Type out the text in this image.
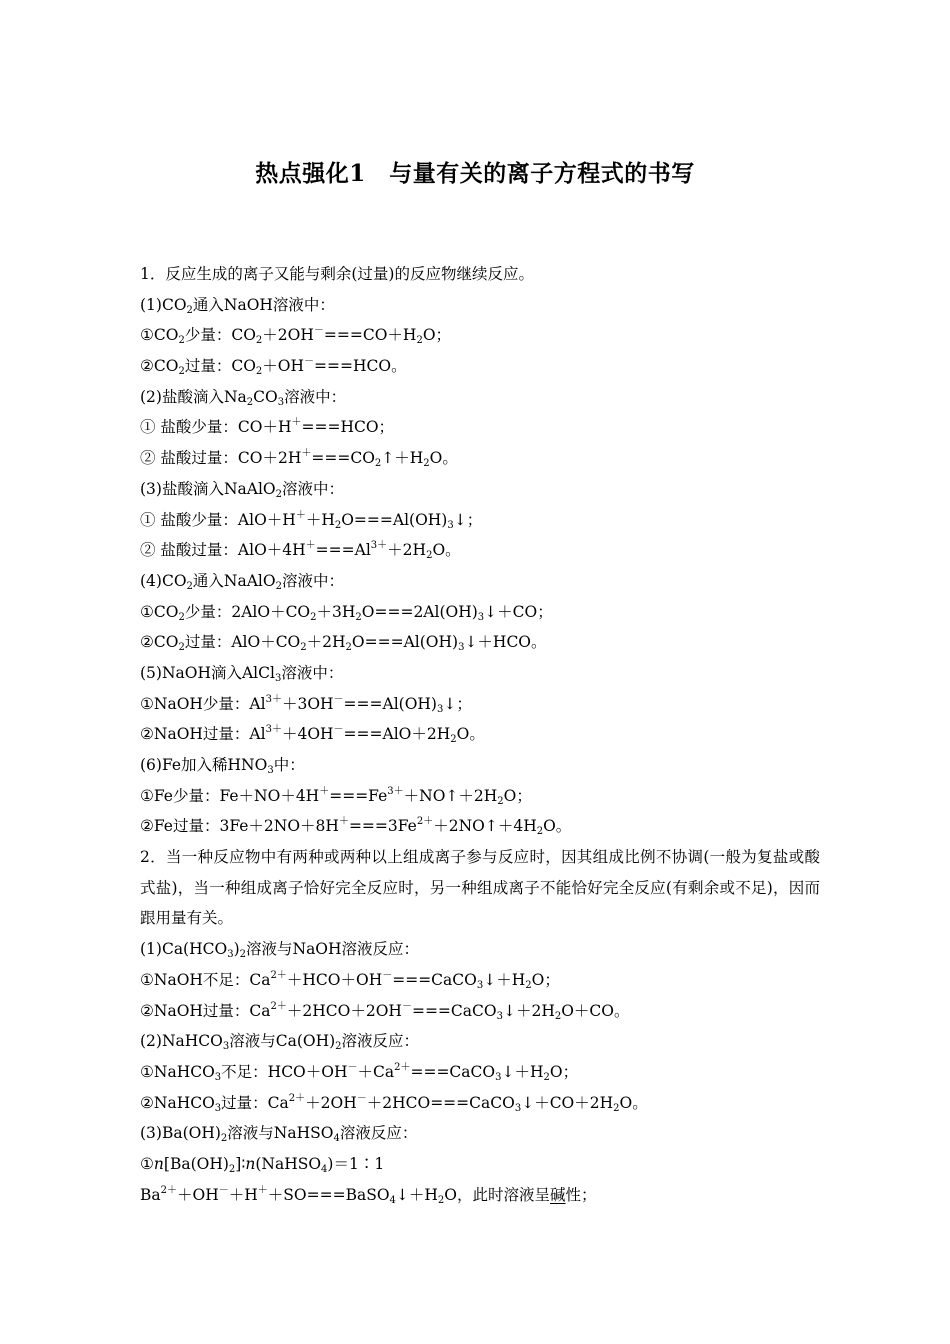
热点强化1　与量有关的离子方程式的书写
1．反应生成的离子又能与剩余(过量)的反应物继续反应。
$(1)CO_2$通入NaOH溶液中：
$①CO_2$少量：$CO_2+2OH^-===CO+H_2O$；
$②CO_2$过量：$CO_2+OH^-===HCO$。
(2)盐酸滴入$Na_2CO_3$溶液中：
① 盐酸少量：CO＋H＋===HCO；
② 盐酸过量：$CO+2H^+===CO_2↑+H_2O$。
(3)盐酸滴入NaAlO$_2$溶液中：
① 盐酸少量：$AlO+H^++H_2O===Al(OH)_3↓$；
② 盐酸过量：$AlO+4H^+===Al^{3+}+2H_2O$。
$(4)CO_2$通入NaAlO$_2$溶液中：
$①CO_2$少量：$2AlO+CO_2+3H_2O===2Al(OH)_3↓+CO$；
$②CO_2$过量：$AlO+CO_2+2H_2O===Al(OH)_3↓+HCO$。
(5)NaOH滴入AlCl$_3$溶液中：
①NaOH少量：$Al^{3+}+3OH^-===Al(OH)_3↓$；
②NaOH过量：$Al^{3+}+4OH^-===AlO+2H_2O$。
(6)Fe加入稀$HNO_3$中：
①Fe少量：$Fe+NO+4H^+===Fe^{3+}+NO↑+2H_2O$；
②Fe过量：$3Fe+2NO+8H^+===3Fe^{2+}+2NO↑+4H_2O$。
2．当一种反应物中有两种或两种以上组成离子参与反应时，因其组成比例不协调(一般为复盐或酸式盐)，当一种组成离子恰好完全反应时，另一种组成离子不能恰好完全反应(有剩余或不足)，因而跟用量有关。
$(1)Ca(HCO_3)_2$溶液与NaOH溶液反应：
①NaOH不足：$Ca^{2+}+HCO+OH^-===CaCO_3↓+H_2O$；
②NaOH过量：$Ca^{2+}+2HCO+2OH^-===CaCO_3↓+2H_2O+CO$。
(2)NaHCO$_3$溶液与$Ca(OH)_2$溶液反应：
①NaHCO$_3$不足：$HCO+OH^-+Ca^{2+}===CaCO_3↓+H_2O$；
②NaHCO$_3$过量：$Ca^{2+}+2OH^-+2HCO===CaCO_3↓+CO+2H_2O$。
$(3)Ba(OH)_2$溶液与NaHSO$_4$溶液反应：
$①n[Ba(OH)_2]∶n(NaHSO_4)=1∶1$
$Ba^{2+}+OH^-+H^++SO===BaSO_4↓+H_2O$，此时溶液呈碱性；
